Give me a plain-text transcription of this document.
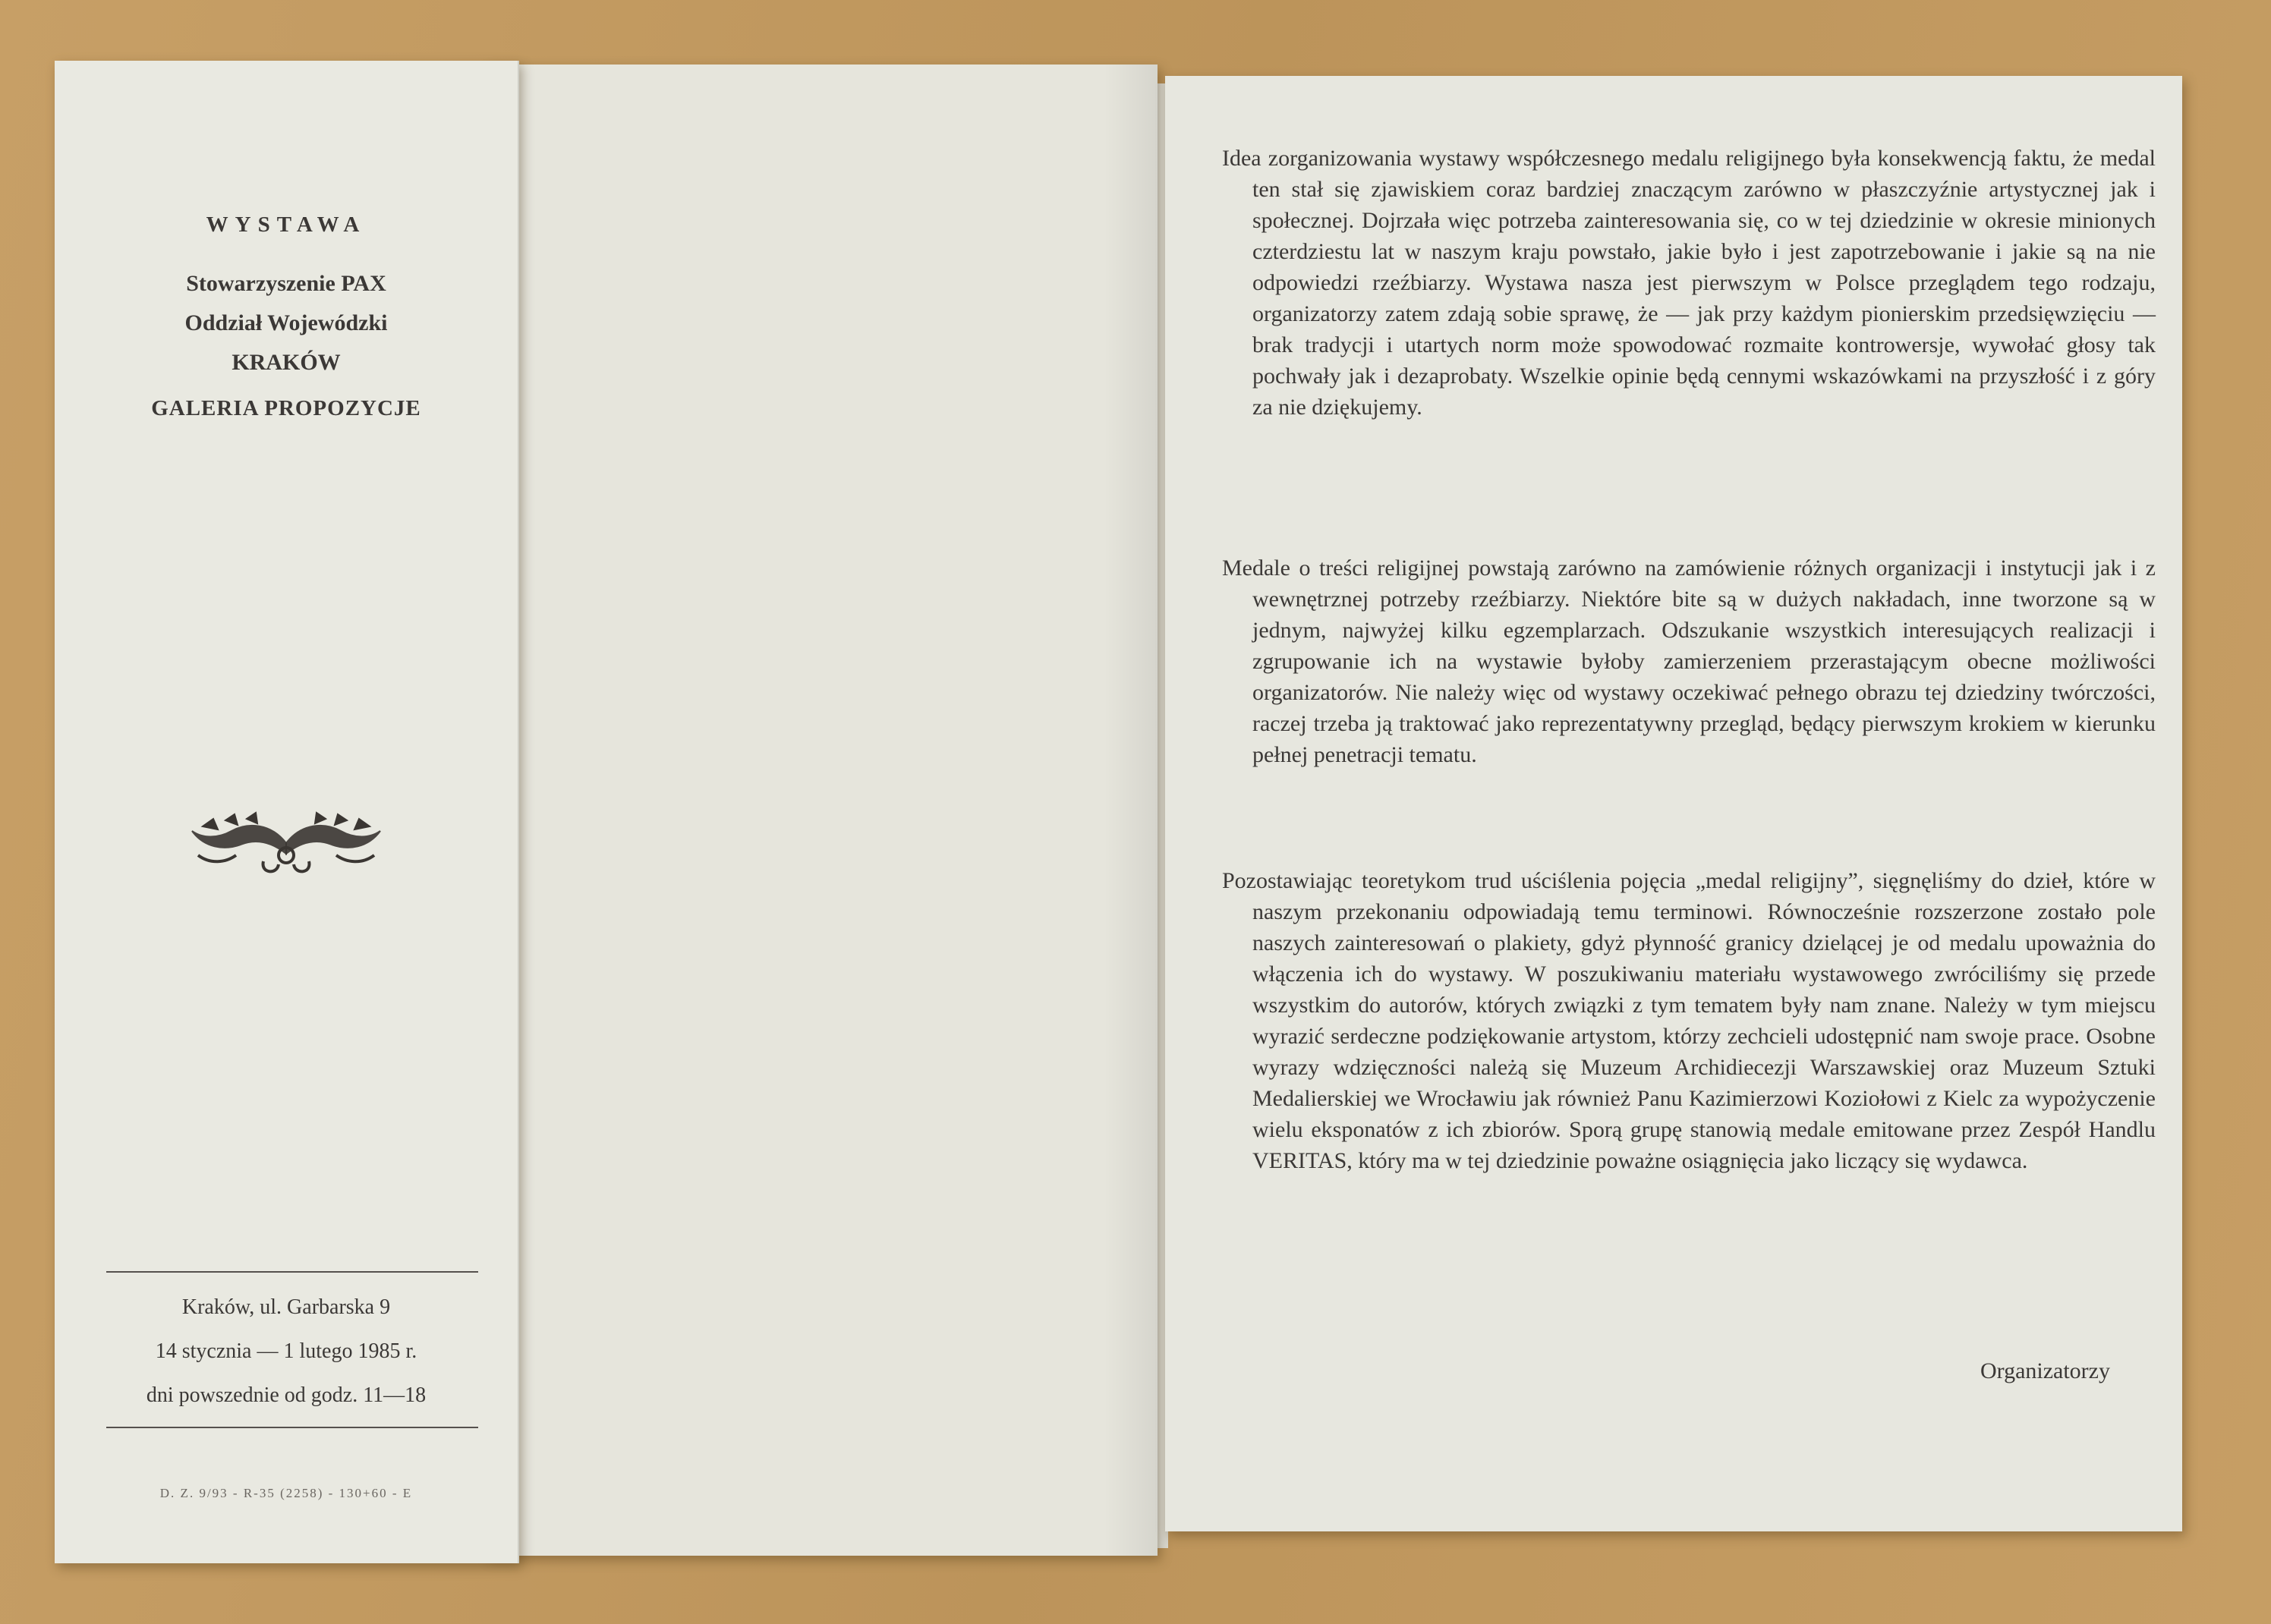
WYSTAWA
Stowarzyszenie PAX
Oddział Wojewódzki
KRAKÓW
GALERIA PROPOZYCJE
Kraków, ul. Garbarska 9
14 stycznia — 1 lutego 1985 r.
dni powszednie od godz. 11—18
D. Z. 9/93 - R-35 (2258) - 130+60 - E
Idea zorganizowania wystawy współczesnego medalu religijnego była konsekwencją faktu, że medal ten stał się zjawiskiem coraz bardziej znaczącym zarówno w płaszczyźnie artystycznej jak i społecznej. Dojrzała więc potrzeba zainteresowania się, co w tej dziedzinie w okresie minionych czterdziestu lat w naszym kraju powstało, jakie było i jest zapotrzebowanie i jakie są na nie odpowiedzi rzeźbiarzy. Wystawa nasza jest pierwszym w Polsce przeglądem tego rodzaju, organizatorzy zatem zdają sobie sprawę, że — jak przy każdym pionierskim przedsięwzięciu — brak tradycji i utartych norm może spowodować rozmaite kontrowersje, wywołać głosy tak pochwały jak i dezaprobaty. Wszelkie opinie będą cennymi wskazówkami na przyszłość i z góry za nie dziękujemy.
Medale o treści religijnej powstają zarówno na zamówienie różnych organizacji i instytucji jak i z wewnętrznej potrzeby rzeźbiarzy. Niektóre bite są w dużych nakładach, inne tworzone są w jednym, najwyżej kilku egzemplarzach. Odszukanie wszystkich interesujących realizacji i zgrupowanie ich na wystawie byłoby zamierzeniem przerastającym obecne możliwości organizatorów. Nie należy więc od wystawy oczekiwać pełnego obrazu tej dziedziny twórczości, raczej trzeba ją traktować jako reprezentatywny przegląd, będący pierwszym krokiem w kierunku pełnej penetracji tematu.
Pozostawiając teoretykom trud uściślenia pojęcia „medal religijny”, sięgnęliśmy do dzieł, które w naszym przekonaniu odpowiadają temu terminowi. Równocześnie rozszerzone zostało pole naszych zainteresowań o plakiety, gdyż płynność granicy dzielącej je od medalu upoważnia do włączenia ich do wystawy. W poszukiwaniu materiału wystawowego zwróciliśmy się przede wszystkim do autorów, których związki z tym tematem były nam znane. Należy w tym miejscu wyrazić serdeczne podziękowanie artystom, którzy zechcieli udostępnić nam swoje prace. Osobne wyrazy wdzięczności należą się Muzeum Archidiecezji Warszawskiej oraz Muzeum Sztuki Medalierskiej we Wrocławiu jak również Panu Kazimierzowi Koziołowi z Kielc za wypożyczenie wielu eksponatów z ich zbiorów. Sporą grupę stanowią medale emitowane przez Zespół Handlu VERITAS, który ma w tej dziedzinie poważne osiągnięcia jako liczący się wydawca.
Organizatorzy
